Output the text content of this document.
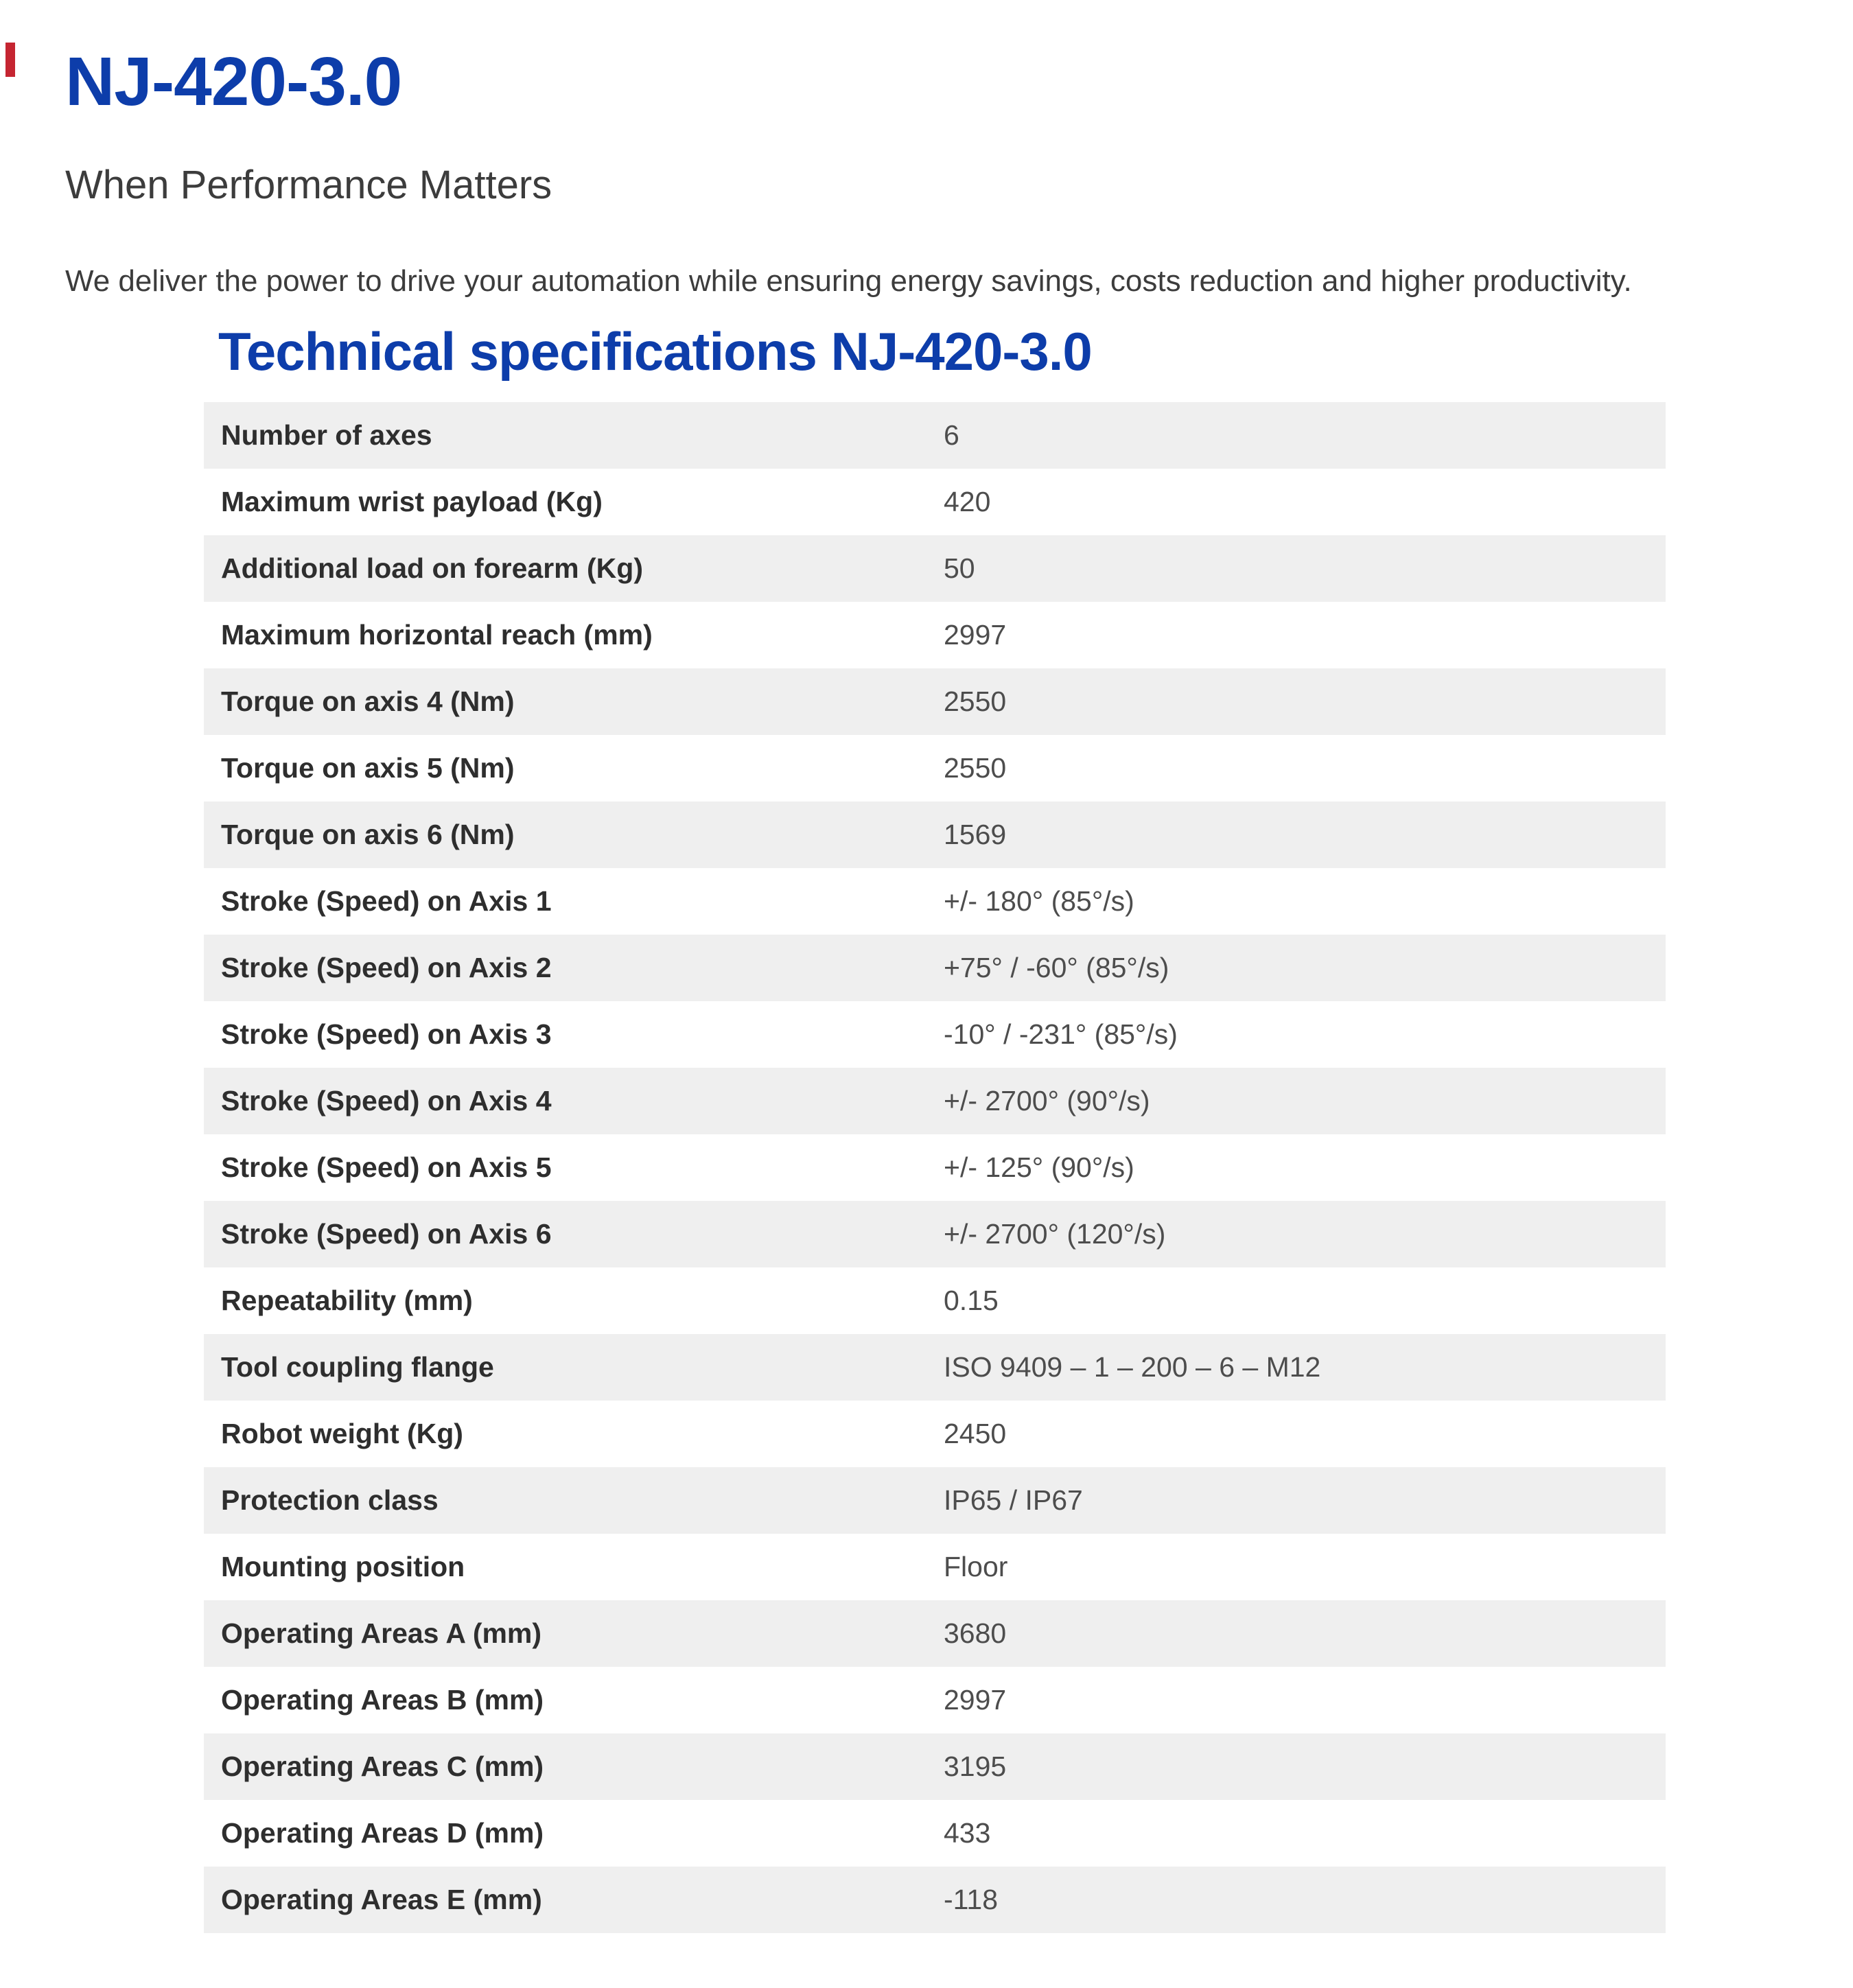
NJ-420-3.0
When Performance Matters

We deliver the power to drive your automation while ensuring energy savings, costs reduction and higher productivity.

Technical specifications NJ-420-3.0
Number of axes	6
Maximum wrist payload (Kg)	420
Additional load on forearm (Kg)	50
Maximum horizontal reach (mm)	2997
Torque on axis 4 (Nm)	2550
Torque on axis 5 (Nm)	2550
Torque on axis 6 (Nm)	1569
Stroke (Speed) on Axis 1	+/- 180° (85°/s)
Stroke (Speed) on Axis 2	+75° / -60° (85°/s)
Stroke (Speed) on Axis 3	-10° / -231° (85°/s)
Stroke (Speed) on Axis 4	+/- 2700° (90°/s)
Stroke (Speed) on Axis 5	+/- 125° (90°/s)
Stroke (Speed) on Axis 6	+/- 2700° (120°/s)
Repeatability (mm)	0.15
Tool coupling flange	ISO 9409 – 1 – 200 – 6 – M12
Robot weight (Kg)	2450
Protection class	IP65 / IP67
Mounting position	Floor
Operating Areas A (mm)	3680
Operating Areas B (mm)	2997
Operating Areas C (mm)	3195
Operating Areas D (mm)	433
Operating Areas E (mm)	-118
